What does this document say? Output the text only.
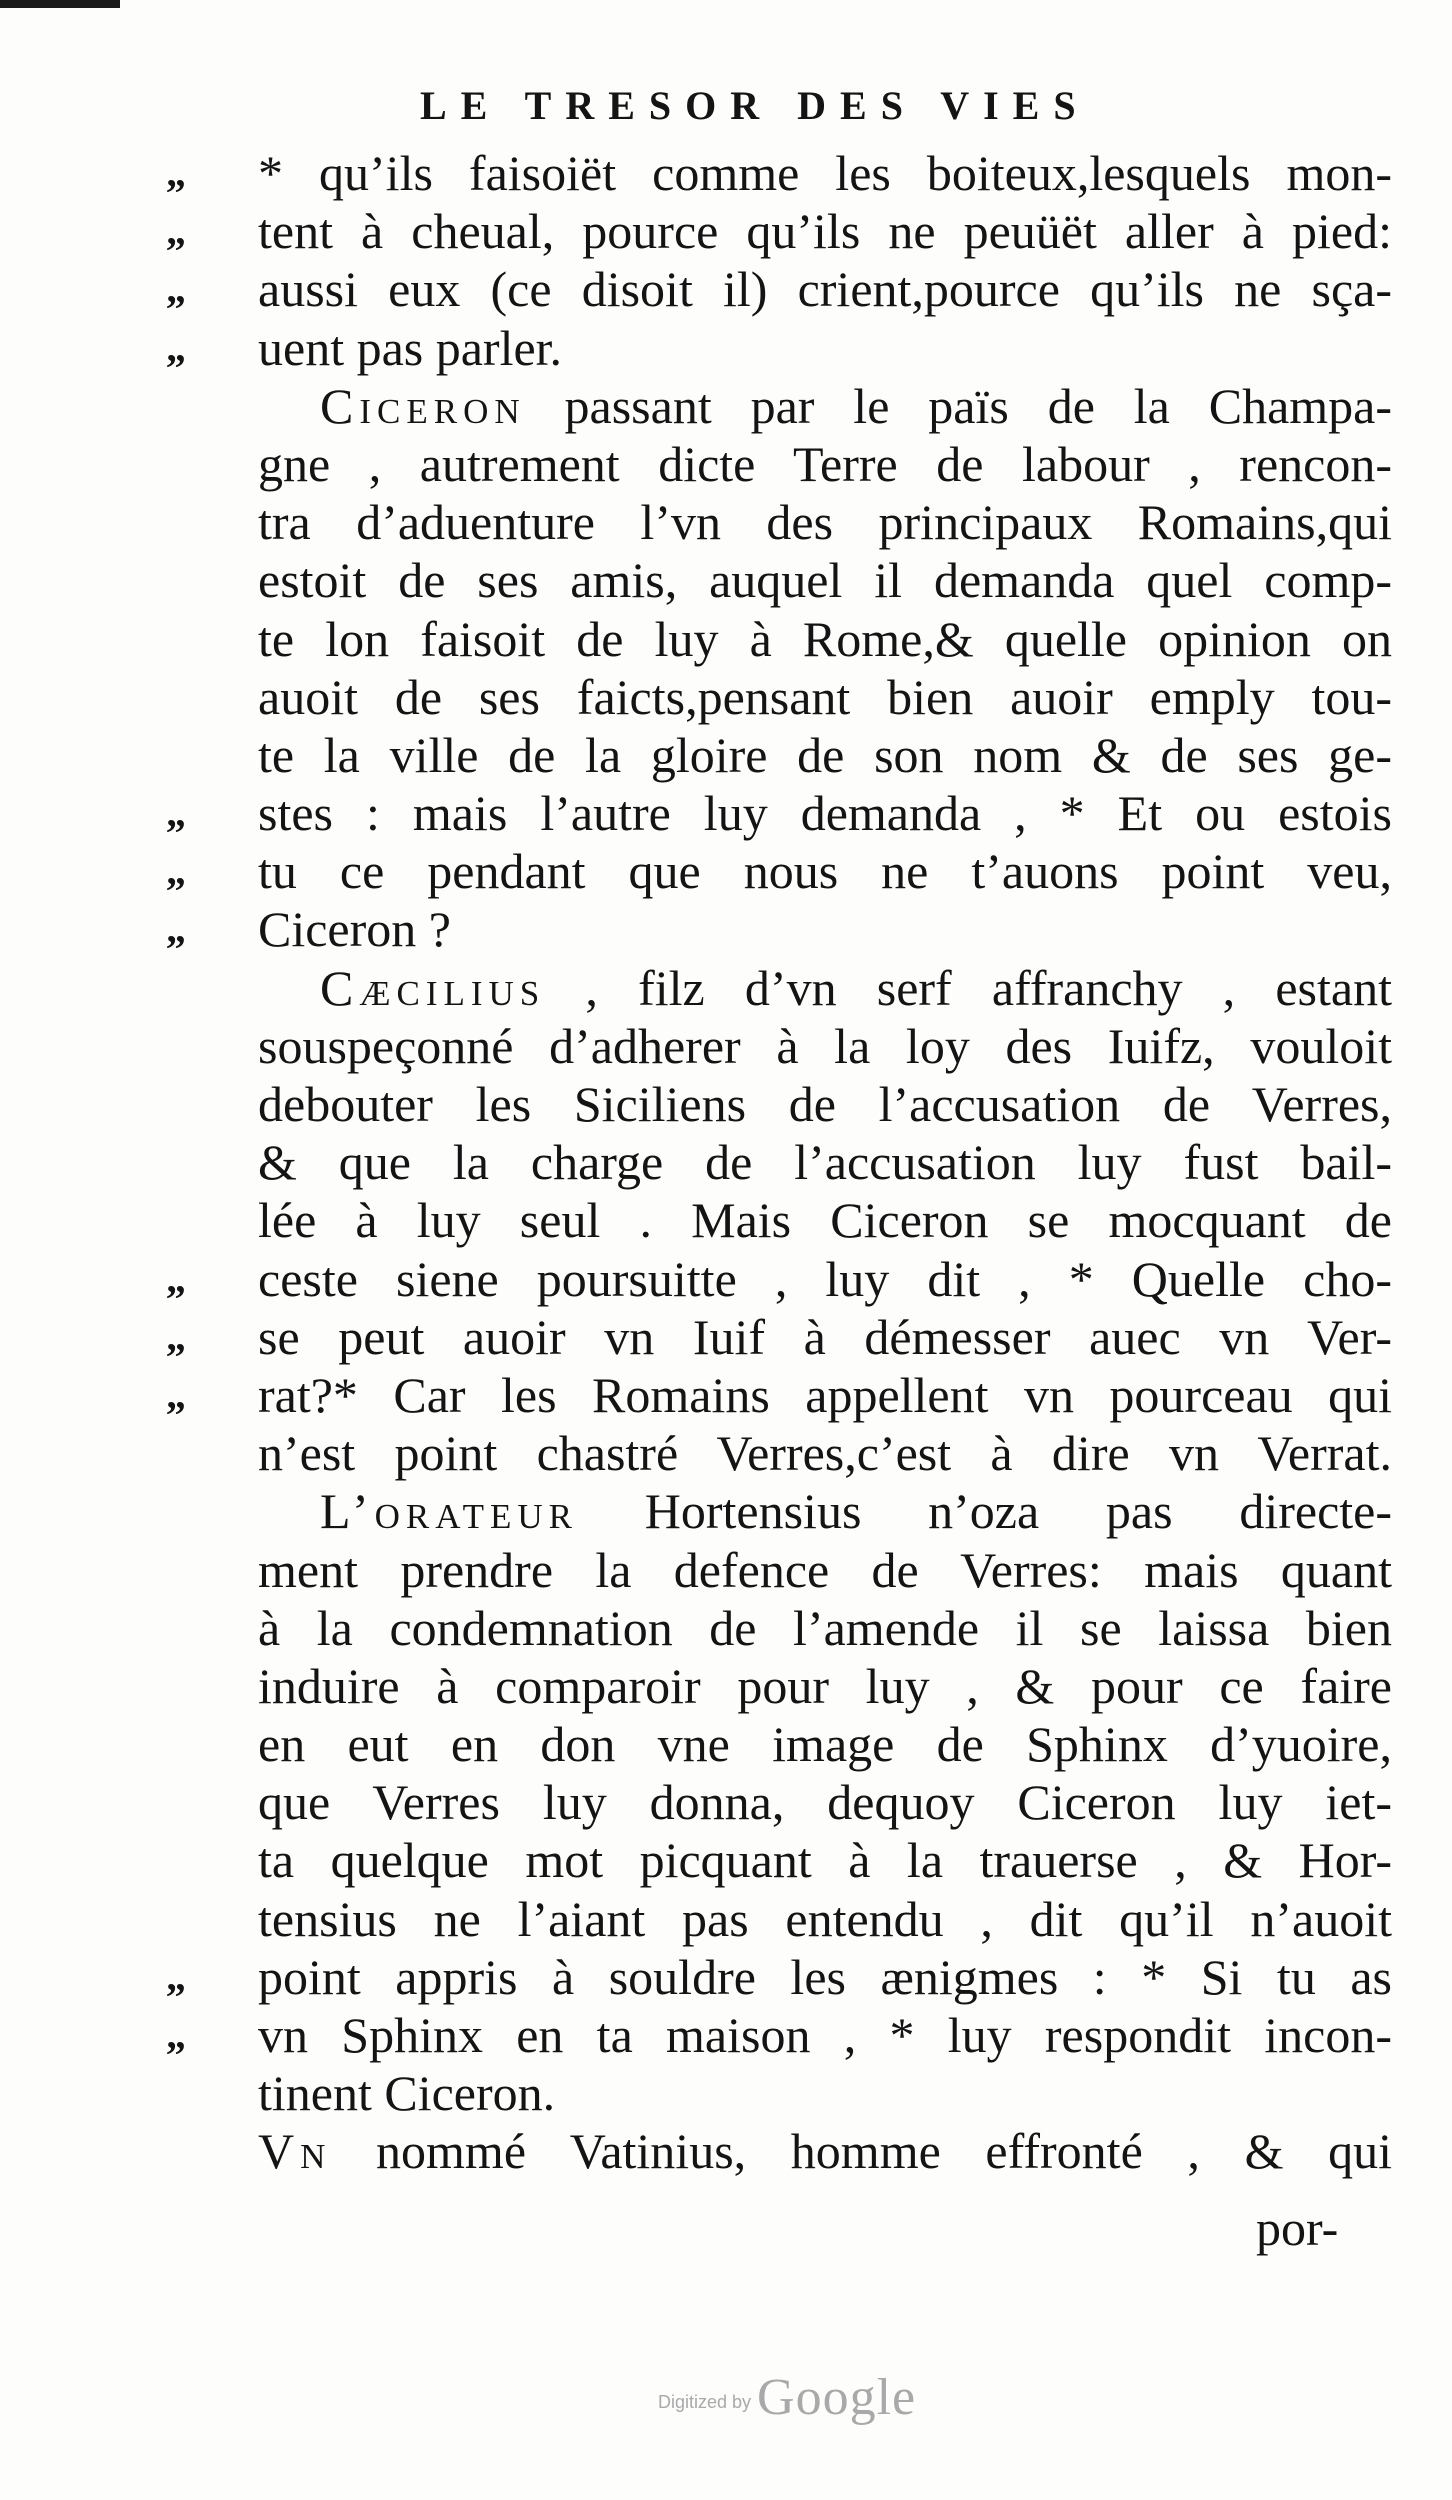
LE TRESOR DES VIES
„	* qu’ils faisoiët comme les boiteux,lesquels mon-
„	tent à cheual, pource qu’ils ne peuüët aller à pied:
„	aussi eux (ce disoit il) crient,pource qu’ils ne sça-
„	uent pas parler.
Ciceron passant par le païs de la Champa-
gne , autrement dicte Terre de labour , rencon-
tra d’aduenture l’vn des principaux Romains,qui
estoit de ses amis, auquel il demanda quel comp-
te lon faisoit de luy à Rome,& quelle opinion on
auoit de ses faicts,pensant bien auoir emply tou-
te la ville de la gloire de son nom & de ses ge-
„	stes : mais l’autre luy demanda , * Et ou estois
„	tu ce pendant que nous ne t’auons point veu,
„	Ciceron ?
Cæcilius , filz d’vn serf affranchy , estant
souspeçonné d’adherer à la loy des Iuifz, vouloit
debouter les Siciliens de l’accusation de Verres,
& que la charge de l’accusation luy fust bail-
lée à luy seul . Mais Ciceron se mocquant de
„	ceste siene poursuitte , luy dit , * Quelle cho-
„	se peut auoir vn Iuif à démesser auec vn Ver-
„	rat?* Car les Romains appellent vn pourceau qui
n’est point chastré Verres,c’est à dire vn Verrat.
L’orateur Hortensius n’oza pas directe-
ment prendre la defence de Verres: mais quant
à la condemnation de l’amende il se laissa bien
induire à comparoir pour luy , & pour ce faire
en eut en don vne image de Sphinx d’yuoire,
que Verres luy donna, dequoy Ciceron luy iet-
ta quelque mot picquant à la trauerse , & Hor-
tensius ne l’aiant pas entendu , dit qu’il n’auoit
„	point appris à souldre les ænigmes : * Si tu as
„	vn Sphinx en ta maison , * luy respondit incon-
tinent Ciceron.
Vn nommé Vatinius, homme effronté , & qui
por-
Digitized by Google
